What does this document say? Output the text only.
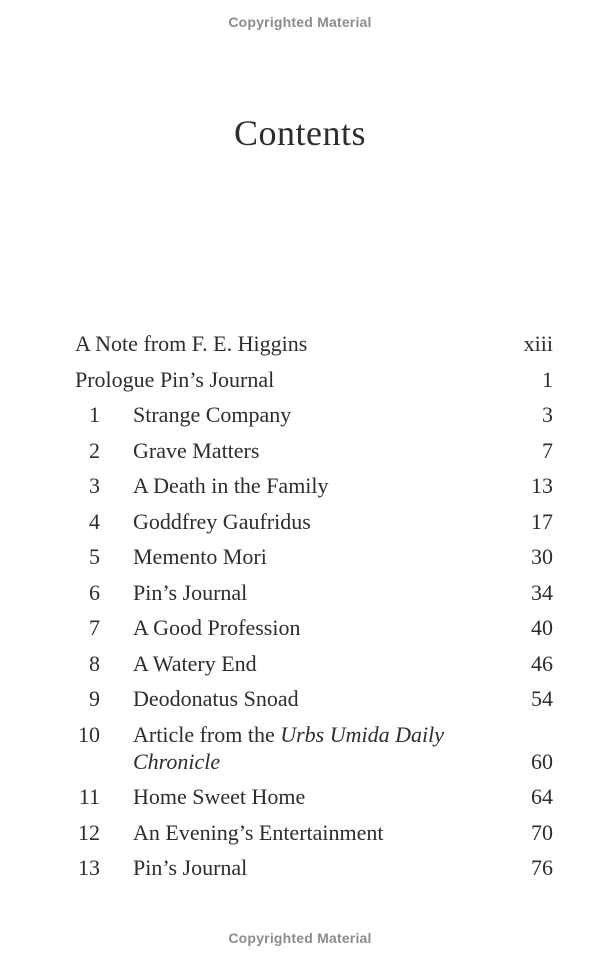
Copyrighted Material
Contents
A Note from F. E. Higgins	xiii
Prologue Pin’s Journal	1
1	Strange Company	3
2	Grave Matters	7
3	A Death in the Family	13
4	Goddfrey Gaufridus	17
5	Memento Mori	30
6	Pin’s Journal	34
7	A Good Profession	40
8	A Watery End	46
9	Deodonatus Snoad	54
10	Article from the Urbs Umida Daily
Chronicle	60
11	Home Sweet Home	64
12	An Evening’s Entertainment	70
13	Pin’s Journal	76
Copyrighted Material
